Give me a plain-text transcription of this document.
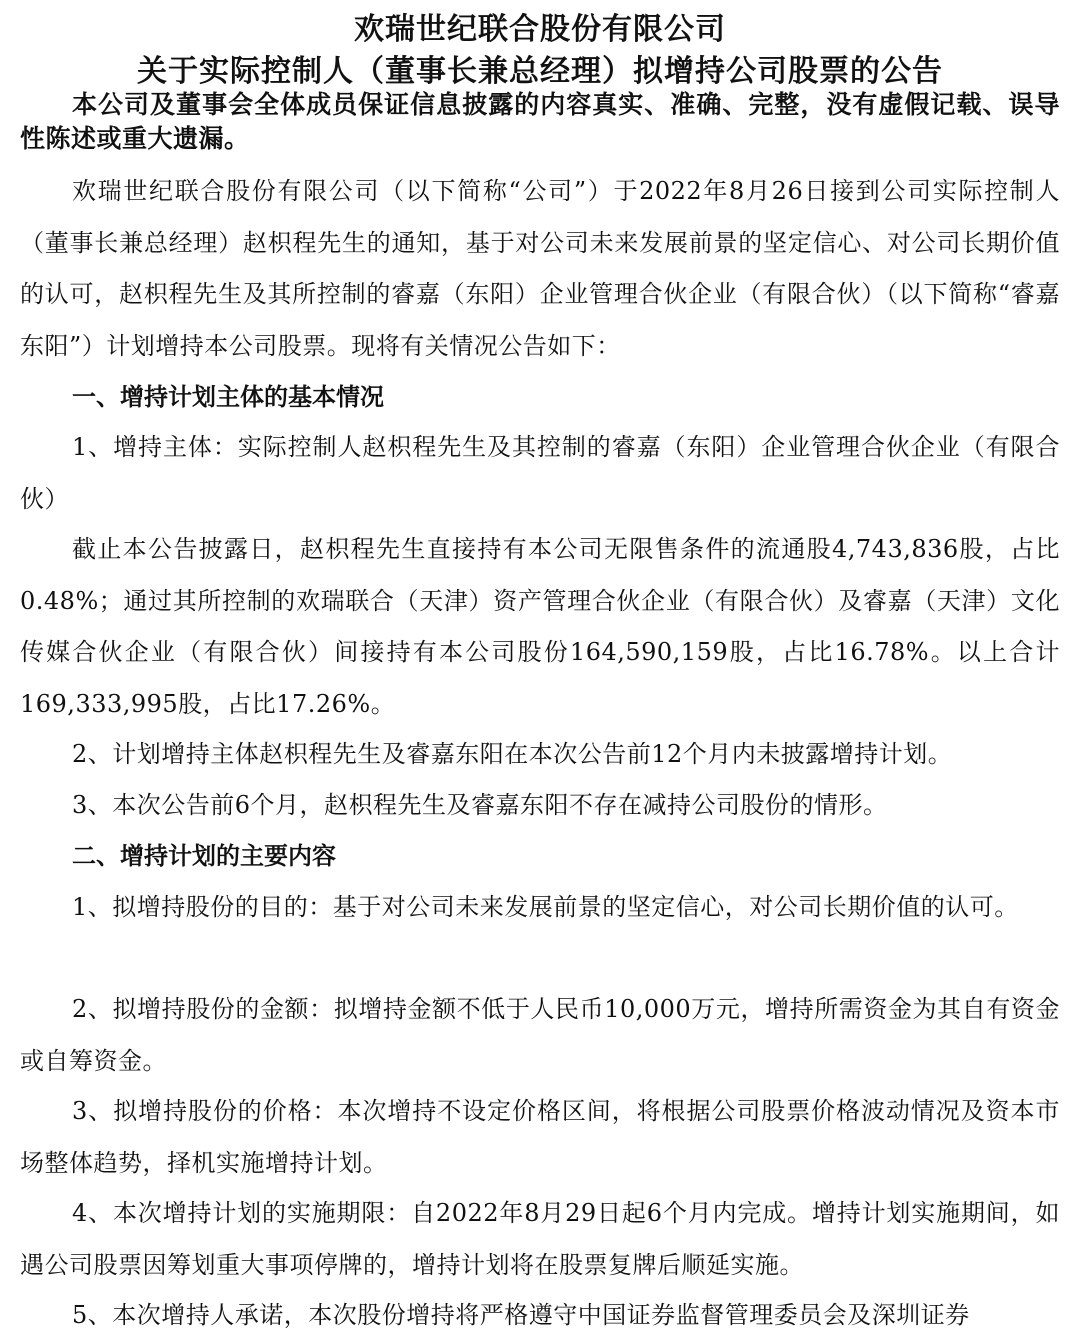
欢瑞世纪联合股份有限公司
关于实际控制人（董事长兼总经理）拟增持公司股票的公告
本公司及董事会全体成员保证信息披露的内容真实、准确、完整，没有虚假记载、误导性陈述或重大遗漏。

欢瑞世纪联合股份有限公司（以下简称“公司”）于2022年8月26日接到公司实际控制人（董事长兼总经理）赵枳程先生的通知，基于对公司未来发展前景的坚定信心、对公司长期价值的认可，赵枳程先生及其所控制的睿嘉（东阳）企业管理合伙企业（有限合伙）（以下简称“睿嘉东阳”）计划增持本公司股票。现将有关情况公告如下：

一、增持计划主体的基本情况

1、增持主体：实际控制人赵枳程先生及其控制的睿嘉（东阳）企业管理合伙企业（有限合伙）

截止本公告披露日，赵枳程先生直接持有本公司无限售条件的流通股4,743,836股，占比0.48%；通过其所控制的欢瑞联合（天津）资产管理合伙企业（有限合伙）及睿嘉（天津）文化传媒合伙企业（有限合伙）间接持有本公司股份164,590,159股，占比16.78%。以上合计169,333,995股，占比17.26%。

2、计划增持主体赵枳程先生及睿嘉东阳在本次公告前12个月内未披露增持计划。

3、本次公告前6个月，赵枳程先生及睿嘉东阳不存在减持公司股份的情形。

二、增持计划的主要内容

1、拟增持股份的目的：基于对公司未来发展前景的坚定信心，对公司长期价值的认可。

2、拟增持股份的金额：拟增持金额不低于人民币10,000万元，增持所需资金为其自有资金或自筹资金。

3、拟增持股份的价格：本次增持不设定价格区间，将根据公司股票价格波动情况及资本市场整体趋势，择机实施增持计划。

4、本次增持计划的实施期限：自2022年8月29日起6个月内完成。增持计划实施期间，如遇公司股票因筹划重大事项停牌的，增持计划将在股票复牌后顺延实施。

5、本次增持人承诺，本次股份增持将严格遵守中国证券监督管理委员会及深圳证券
